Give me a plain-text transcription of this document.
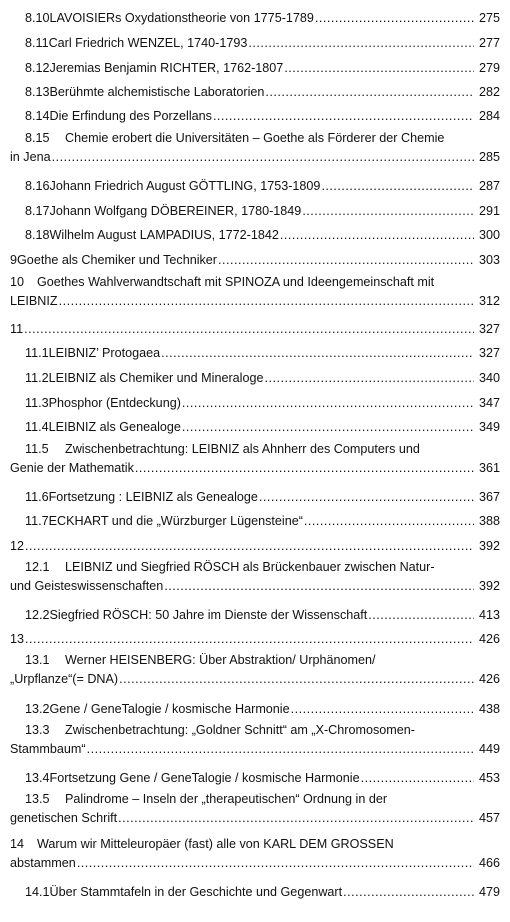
8.10 LAVOISIERs Oxydationstheorie von 1775-1789 .....	275
8.11 Carl Friedrich WENZEL, 1740-1793 .....	277
8.12 Jeremias Benjamin RICHTER, 1762-1807 .....	279
8.13 Berühmte alchemistische Laboratorien .....	282
8.14 Die Erfindung des Porzellans .....	284
8.15 Chemie erobert die Universitäten – Goethe als Förderer der Chemie
in Jena .....	285
8.16 Johann Friedrich August GÖTTLING, 1753-1809 .....	287
8.17 Johann Wolfgang DÖBEREINER, 1780-1849 .....	291
8.18 Wilhelm August LAMPADIUS, 1772-1842 .....	300
9 Goethe als Chemiker und Techniker .....	303
10 Goethes Wahlverwandtschaft mit SPINOZA und Ideengemeinschaft mit
LEIBNIZ .....	312
11 .....	327
11.1 LEIBNIZ’ Protogaea .....	327
11.2 LEIBNIZ als Chemiker und Mineraloge .....	340
11.3 Phosphor (Entdeckung) .....	347
11.4 LEIBNIZ als Genealoge .....	349
11.5 Zwischenbetrachtung: LEIBNIZ als Ahnherr des Computers und
Genie der Mathematik .....	361
11.6 Fortsetzung : LEIBNIZ als Genealoge .....	367
11.7 ECKHART und die „Würzburger Lügensteine“ .....	388
12 .....	392
12.1 LEIBNIZ und Siegfried RÖSCH als Brückenbauer zwischen Natur-
und Geisteswissenschaften .....	392
12.2 Siegfried RÖSCH: 50 Jahre im Dienste der Wissenschaft .....	413
13 .....	426
13.1 Werner HEISENBERG: Über Abstraktion/ Urphänomen/
„Urpflanze“(= DNA) .....	426
13.2 Gene / GeneTalogie / kosmische Harmonie .....	438
13.3 Zwischenbetrachtung: „Goldner Schnitt“ am „X-Chromosomen-
Stammbaum“ .....	449
13.4 Fortsetzung Gene / GeneTalogie / kosmische Harmonie .....	453
13.5 Palindrome – Inseln der „therapeutischen“ Ordnung in der
genetischen Schrift .....	457
14 Warum wir Mitteleuropäer (fast) alle von KARL DEM GROSSEN
abstammen .....	466
14.1 Über Stammtafeln in der Geschichte und Gegenwart .....	479
